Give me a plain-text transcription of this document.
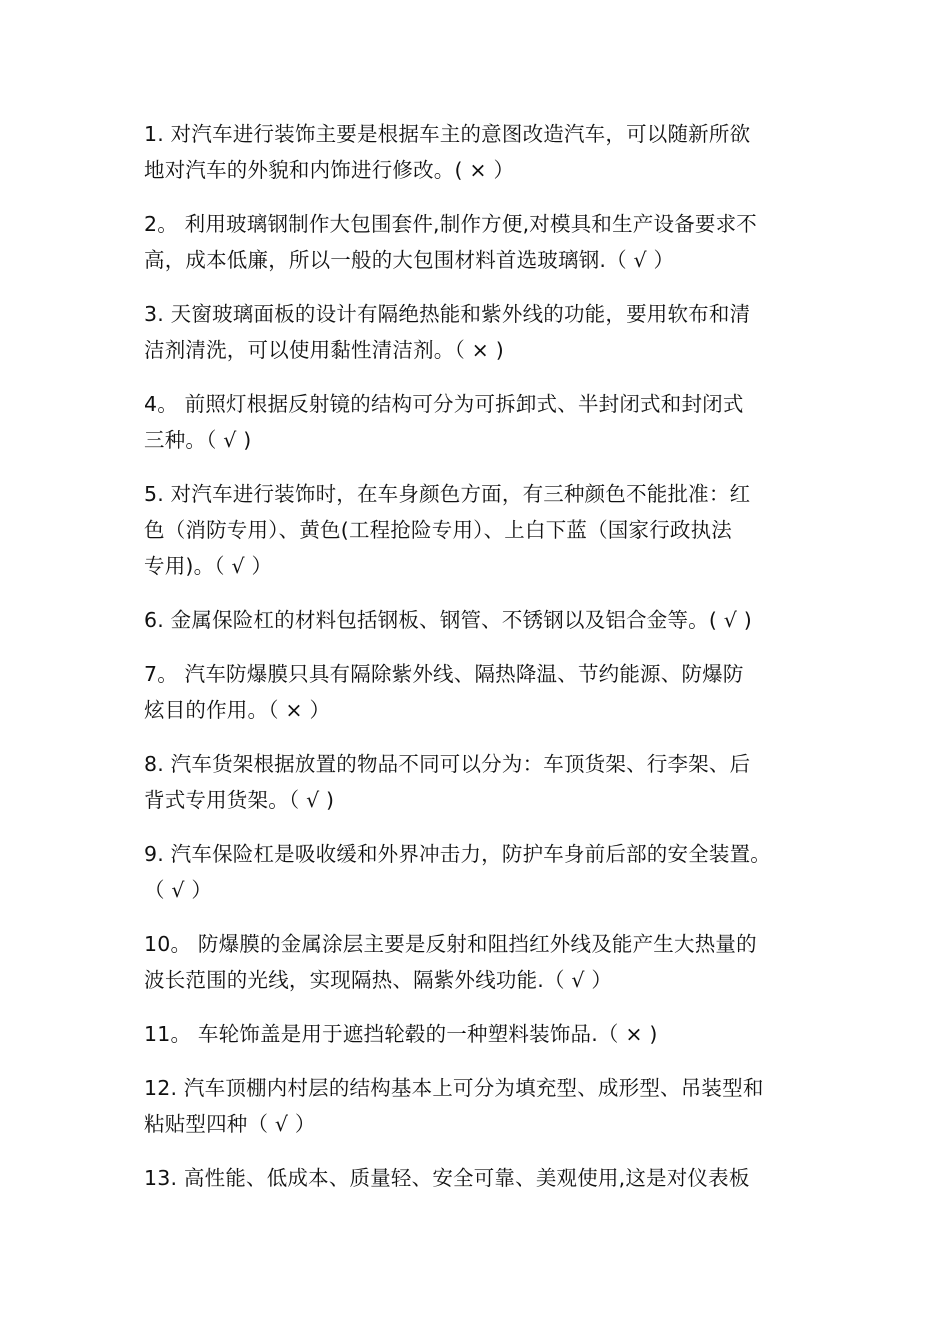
1. 对汽车进行装饰主要是根据车主的意图改造汽车，可以随新所欲
地对汽车的外貌和内饰进行修改。( × ）
2。 利用玻璃钢制作大包围套件,制作方便,对模具和生产设备要求不
高，成本低廉，所以一般的大包围材料首选玻璃钢.（ √ ）
3. 天窗玻璃面板的设计有隔绝热能和紫外线的功能，要用软布和清
洁剂清洗，可以使用黏性清洁剂。（ × )
4。 前照灯根据反射镜的结构可分为可拆卸式、半封闭式和封闭式
三种。（ √ )
5. 对汽车进行装饰时，在车身颜色方面，有三种颜色不能批准：红
色（消防专用）、黄色(工程抢险专用）、上白下蓝（国家行政执法
专用)。（ √ ）
6. 金属保险杠的材料包括钢板、钢管、不锈钢以及铝合金等。( √ )
7。 汽车防爆膜只具有隔除紫外线、隔热降温、节约能源、防爆防
炫目的作用。（ × ）
8. 汽车货架根据放置的物品不同可以分为：车顶货架、行李架、后
背式专用货架。（ √ )
9. 汽车保险杠是吸收缓和外界冲击力，防护车身前后部的安全装置。
（ √ ）
10。 防爆膜的金属涂层主要是反射和阻挡红外线及能产生大热量的
波长范围的光线，实现隔热、隔紫外线功能.（ √ ）
11。 车轮饰盖是用于遮挡轮毂的一种塑料装饰品.（ × )
12. 汽车顶棚内村层的结构基本上可分为填充型、成形型、吊装型和
粘贴型四种（ √ ）
13. 高性能、低成本、质量轻、安全可靠、美观使用,这是对仪表板
